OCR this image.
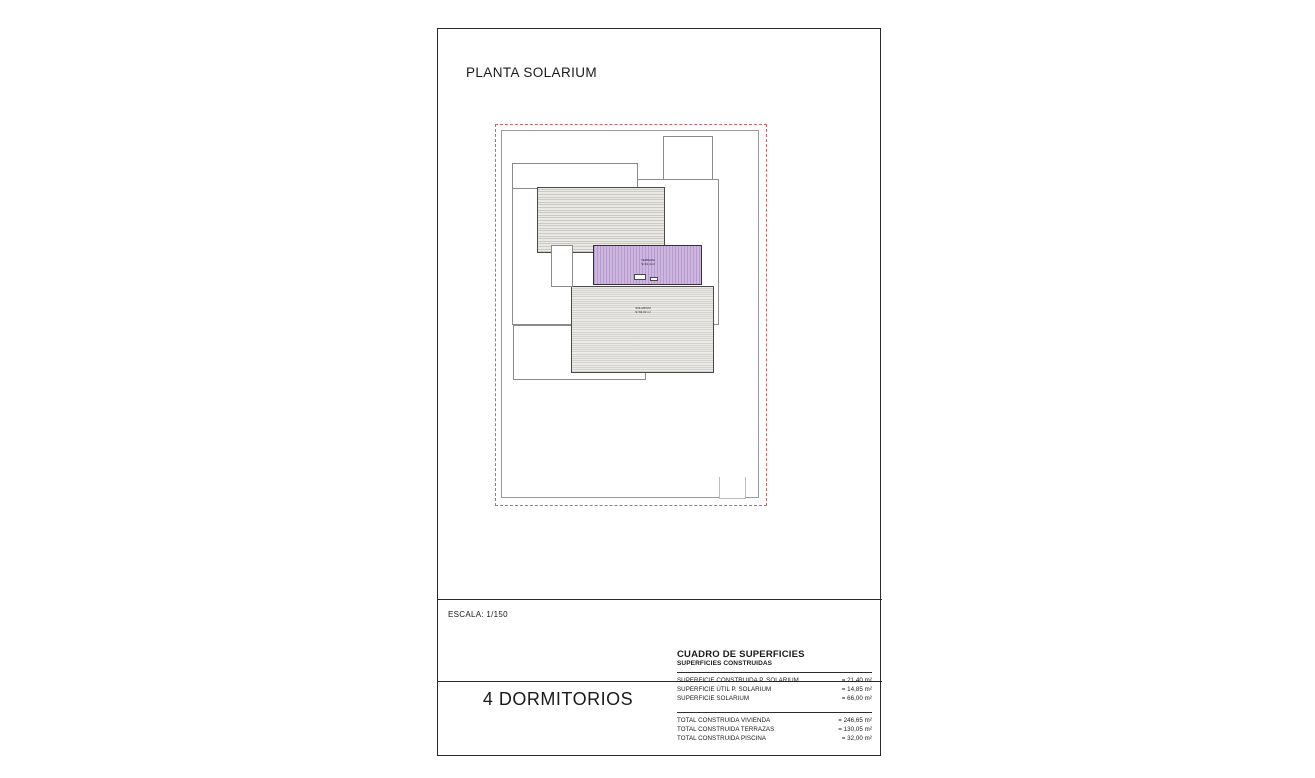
PLANTA SOLARIUM
TERRAZA
S=13,4 m²
SOLARIUM
S=66,00 m²
ESCALA: 1/150
4 DORMITORIOS
CUADRO DE SUPERFICIES
SUPERFICIES CONSTRUIDAS
SUPERFICIE CONSTRUIDA P. SOLARIUM	= 21,40 m²
SUPERFICIE ÚTIL P. SOLARIUM	= 14,85 m²
SUPERFICIE SOLARIUM	= 66,00 m²
TOTAL CONSTRUIDA VIVIENDA	= 246,65 m²
TOTAL CONSTRUIDA TERRAZAS	= 130,05 m²
TOTAL CONSTRUIDA PISCINA	= 32,00 m²
